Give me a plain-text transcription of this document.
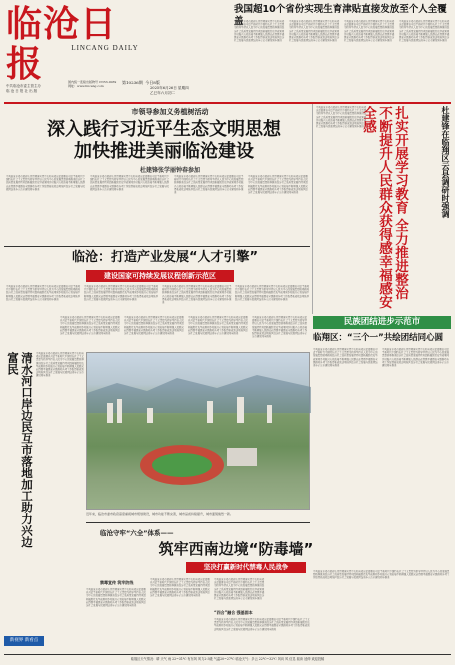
临沧日报	LINCANG DAILY
中共临沧市委主管主办
临 沧 日 报 社 出 版
国内统一连续出版物号 CN53-0039
网址：www.lincang.com
第10236期 今日8版
2025年6月26日 星期四
乙巳年六月初二
我国超10个省份实现生育津贴直接发放至个人全覆盖
中共临沧市委市政府认真贯彻落实党中央和省委决策部署以习近平新时代中国特色社会主义思想为指导坚持以人民为中心的发展思想统筹推进经济社会高质量发展持续巩固拓展脱贫攻坚成果同乡村振兴有效衔接不断增强人民群众获得感幸福感安全感推动各项工作取得新成效边境地区经济社会发展与民族团结进步示范市建设同步推进
中共临沧市委市政府认真贯彻落实党中央和省委决策部署以习近平新时代中国特色社会主义思想为指导坚持以人民为中心的发展思想统筹推进经济社会高质量发展持续巩固拓展脱贫攻坚成果同乡村振兴有效衔接不断增强人民群众获得感幸福感安全感推动各项工作取得新成效边境地区经济社会发展与民族团结进步示范市建设同步推进
中共临沧市委市政府认真贯彻落实党中央和省委决策部署以习近平新时代中国特色社会主义思想为指导坚持以人民为中心的发展思想统筹推进经济社会高质量发展持续巩固拓展脱贫攻坚成果同乡村振兴有效衔接不断增强人民群众获得感幸福感安全感推动各项工作取得新成效边境地区经济社会发展与民族团结进步示范市建设同步推进
中共临沧市委市政府认真贯彻落实党中央和省委决策部署以习近平新时代中国特色社会主义思想为指导坚持以人民为中心的发展思想统筹推进经济社会高质量发展持续巩固拓展脱贫攻坚成果同乡村振兴有效衔接不断增强人民群众获得感幸福感安全感推动各项工作取得新成效边境地区经济社会发展与民族团结进步示范市建设同步推进
市领导参加义务植树活动
深入践行习近平生态文明思想
加快推进美丽临沧建设
杜建锋张学丽钟春参加 中共临沧市委市政府认真贯彻落实党中央和省委决策部署以习近平新时代中国特色社会主义思想为指导坚持以人民为中心的发展思想统筹推进经济社会高质量发展持续巩固拓展脱贫攻坚成果同乡村振兴有效衔接不断增强人民群众获得感幸福感安全感推动各项工作取得新成效边境地区经济社会发展与民族团结进步示范市建设同步推进 中共临沧市委市政府认真贯彻落实党中央和省委决策部署以习近平新时代中国特色社会主义思想为指导坚持以人民为中心的发展思想统筹推进经济社会高质量发展持续巩固拓展脱贫攻坚成果同乡村振兴有效衔接不断增强人民群众获得感幸福感安全感推动各项工作取得新成效边境地区经济社会发展与民族团结进步示范市建设同步推进 中共临沧市委市政府认真贯彻落实党中央和省委决策部署以习近平新时代中国特色社会主义思想为指导坚持以人民为中心的发展思想统筹推进经济社会高质量发展持续巩固拓展脱贫攻坚成果同乡村振兴有效衔接不断增强人民群众获得感幸福感安全感推动各项工作取得新成效边境地区经济社会发展与民族团结进步示范市建设同步推进 中共临沧市委市政府认真贯彻落实党中央和省委决策部署以习近平新时代中国特色社会主义思想为指导坚持以人民为中心的发展思想统筹推进经济社会高质量发展持续巩固拓展脱贫攻坚成果同乡村振兴有效衔接不断增强人民群众获得感幸福感安全感推动各项工作取得新成效边境地区经济社会发展与民族团结进步示范市建设同步推进 中共临沧市委市政府认真贯彻落实党中央和省委决策部署以习近平新时代中国特色社会主义思想为指导坚持以人民为中心的发展思想统筹推进经济社会高质量发展持续巩固拓展脱贫攻坚成果同乡村振兴有效衔接不断增强人民群众获得感幸福感安全感推动各项工作取得新成效边境地区经济社会发展与民族团结进步示范市建设同步推进	扎实开展学习教育 全力推进整治 不断提升人民群众获得感幸福感安全感	杜建锋在临翔区云县调研时强调
临沧：打造产业发展“人才引擎”
建设国家可持续发展议程创新示范区
中共临沧市委市政府认真贯彻落实党中央和省委决策部署以习近平新时代中国特色社会主义思想为指导坚持以人民为中心的发展思想统筹推进经济社会高质量发展持续巩固拓展脱贫攻坚成果同乡村振兴有效衔接不断增强人民群众获得感幸福感安全感推动各项工作取得新成效边境地区经济社会发展与民族团结进步示范市建设同步推进
中共临沧市委市政府认真贯彻落实党中央和省委决策部署以习近平新时代中国特色社会主义思想为指导坚持以人民为中心的发展思想统筹推进经济社会高质量发展持续巩固拓展脱贫攻坚成果同乡村振兴有效衔接不断增强人民群众获得感幸福感安全感推动各项工作取得新成效边境地区经济社会发展与民族团结进步示范市建设同步推进
中共临沧市委市政府认真贯彻落实党中央和省委决策部署以习近平新时代中国特色社会主义思想为指导坚持以人民为中心的发展思想统筹推进经济社会高质量发展持续巩固拓展脱贫攻坚成果同乡村振兴有效衔接不断增强人民群众获得感幸福感安全感推动各项工作取得新成效边境地区经济社会发展与民族团结进步示范市建设同步推进
中共临沧市委市政府认真贯彻落实党中央和省委决策部署以习近平新时代中国特色社会主义思想为指导坚持以人民为中心的发展思想统筹推进经济社会高质量发展持续巩固拓展脱贫攻坚成果同乡村振兴有效衔接不断增强人民群众获得感幸福感安全感推动各项工作取得新成效边境地区经济社会发展与民族团结进步示范市建设同步推进
民族团结进步示范市
临翔区：“三个一”共绘团结同心圆
中共临沧市委市政府认真贯彻落实党中央和省委决策部署以习近平新时代中国特色社会主义思想为指导坚持以人民为中心的发展思想统筹推进经济社会高质量发展持续巩固拓展脱贫攻坚成果同乡村振兴有效衔接不断增强人民群众获得感幸福感安全感推动各项工作取得新成效边境地区经济社会发展与民族团结进步示范市建设同步推进
中共临沧市委市政府认真贯彻落实党中央和省委决策部署以习近平新时代中国特色社会主义思想为指导坚持以人民为中心的发展思想统筹推进经济社会高质量发展持续巩固拓展脱贫攻坚成果同乡村振兴有效衔接不断增强人民群众获得感幸福感安全感推动各项工作取得新成效边境地区经济社会发展与民族团结进步示范市建设同步推进
中共临沧市委市政府认真贯彻落实党中央和省委决策部署以习近平新时代中国特色社会主义思想为指导坚持以人民为中心的发展思想统筹推进经济社会高质量发展持续巩固拓展脱贫攻坚成果同乡村振兴有效衔接不断增强人民群众获得感幸福感安全感推动各项工作取得新成效边境地区经济社会发展与民族团结进步示范市建设同步推进
中共临沧市委市政府认真贯彻落实党中央和省委决策部署以习近平新时代中国特色社会主义思想为指导坚持以人民为中心的发展思想统筹推进经济社会高质量发展持续巩固拓展脱贫攻坚成果同乡村振兴有效衔接不断增强人民群众获得感幸福感安全感推动各项工作取得新成效边境地区经济社会发展与民族团结进步示范市建设同步推进
中共临沧市委市政府认真贯彻落实党中央和省委决策部署以习近平新时代中国特色社会主义思想为指导坚持以人民为中心的发展思想统筹推进经济社会高质量发展持续巩固拓展脱贫攻坚成果同乡村振兴有效衔接不断增强人民群众获得感幸福感安全感推动各项工作取得新成效边境地区经济社会发展与民族团结进步示范市建设同步推进
中共临沧市委市政府认真贯彻落实党中央和省委决策部署以习近平新时代中国特色社会主义思想为指导坚持以人民为中心的发展思想统筹推进经济社会高质量发展持续巩固拓展脱贫攻坚成果同乡村振兴有效衔接不断增强人民群众获得感幸福感安全感推动各项工作取得新成效边境地区经济社会发展与民族团结进步示范市建设同步推进
清水河口岸边民互市落地加工助力兴边富民
中共临沧市委市政府认真贯彻落实党中央和省委决策部署以习近平新时代中国特色社会主义思想为指导坚持以人民为中心的发展思想统筹推进经济社会高质量发展持续巩固拓展脱贫攻坚成果同乡村振兴有效衔接不断增强人民群众获得感幸福感安全感推动各项工作取得新成效边境地区经济社会发展与民族团结进步示范市建设同步推进
近年来，临沧市委市政府高度重视城市规划建设，城市功能不断完善，城市品质持续提升，城市面貌焕然一新。
临沧守牢“六全”体系——
筑牢西南边境“防毒墙”
坚决打赢新时代禁毒人民战争
禁毒宣传 筑牢防线
中共临沧市委市政府认真贯彻落实党中央和省委决策部署以习近平新时代中国特色社会主义思想为指导坚持以人民为中心的发展思想统筹推进经济社会高质量发展持续巩固拓展脱贫攻坚成果同乡村振兴有效衔接不断增强人民群众获得感幸福感安全感推动各项工作取得新成效边境地区经济社会发展与民族团结进步示范市建设同步推进
中共临沧市委市政府认真贯彻落实党中央和省委决策部署以习近平新时代中国特色社会主义思想为指导坚持以人民为中心的发展思想统筹推进经济社会高质量发展持续巩固拓展脱贫攻坚成果同乡村振兴有效衔接不断增强人民群众获得感幸福感安全感推动各项工作取得新成效边境地区经济社会发展与民族团结进步示范市建设同步推进
“四合”融合 强基固本
中共临沧市委市政府认真贯彻落实党中央和省委决策部署以习近平新时代中国特色社会主义思想为指导坚持以人民为中心的发展思想统筹推进经济社会高质量发展持续巩固拓展脱贫攻坚成果同乡村振兴有效衔接不断增强人民群众获得感幸福感安全感推动各项工作取得新成效边境地区经济社会发展与民族团结进步示范市建设同步推进
中共临沧市委市政府认真贯彻落实党中央和省委决策部署以习近平新时代中国特色社会主义思想为指导坚持以人民为中心的发展思想统筹推进经济社会高质量发展持续巩固拓展脱贫攻坚成果同乡村振兴有效衔接不断增强人民群众获得感幸福感安全感推动各项工作取得新成效边境地区经济社会发展与民族团结进步示范市建设同步推进
中共临沧市委市政府认真贯彻落实党中央和省委决策部署以习近平新时代中国特色社会主义思想为指导坚持以人民为中心的发展思想统筹推进经济社会高质量发展持续巩固拓展脱贫攻坚成果同乡村振兴有效衔接不断增强人民群众获得感幸福感安全感推动各项工作取得新成效边境地区经济社会发展与民族团结进步示范市建设同步推进
新视界 新看点
临翔区天气情况：晴 天气 雨 22~31℃ 有东风 风力2-3级 气温20~27℃ 临沧天气：多云 22℃~32℃ 风向 风 信息 阅读 延伸 欢迎投稿
